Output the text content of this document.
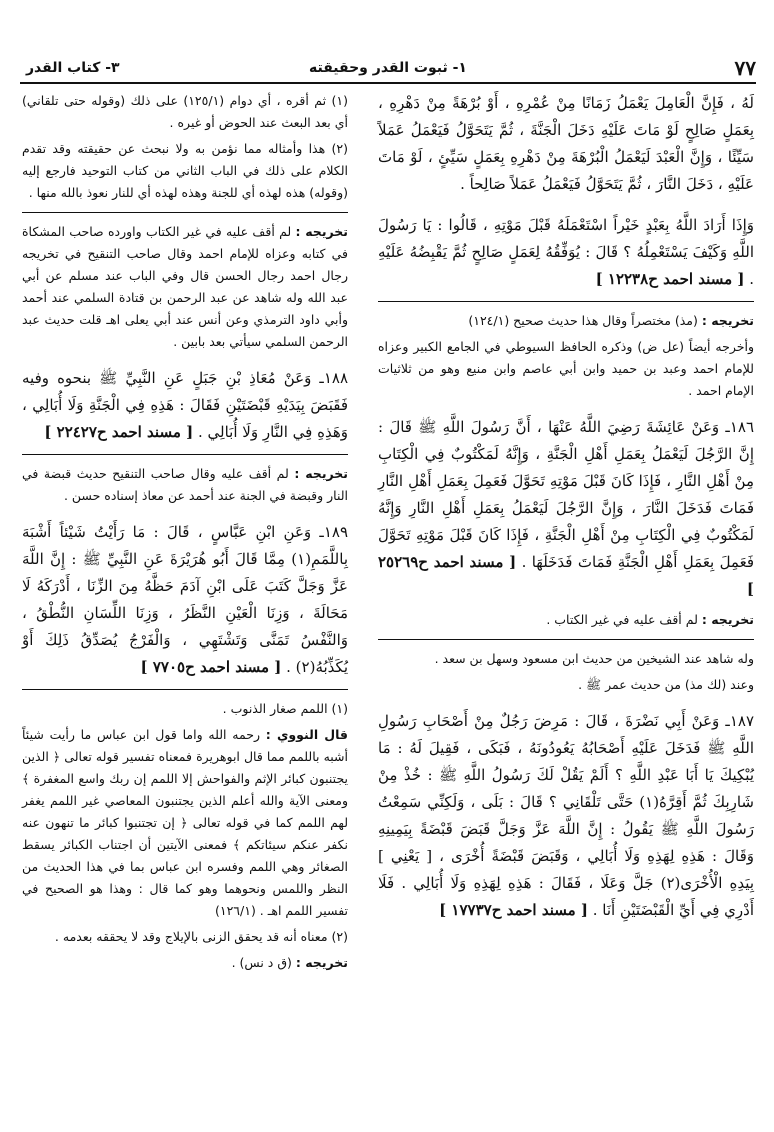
٧٧
١- ثبوت القدر وحقيقته
٣- كتاب القدر

لَهُ ، فَإِنَّ الْعَامِلَ يَعْمَلُ زَمَانًا مِنْ عُمْرِهِ ، أَوْ بُرْهَةً مِنْ دَهْرِهِ ، بِعَمَلٍ صَالِحٍ لَوْ مَاتَ عَلَيْهِ دَخَلَ الْجَنَّةَ ، ثُمَّ يَتَحَوَّلُ فَيَعْمَلُ عَمَلاً سَيِّئًا ، وَإِنَّ الْعَبْدَ لَيَعْمَلُ الْبُرْهَةَ مِنْ دَهْرِهِ بِعَمَلٍ سَيِّئٍ ، لَوْ مَاتَ عَلَيْهِ ، دَخَلَ النَّارَ ، ثُمَّ يَتَحَوَّلُ فَيَعْمَلُ عَمَلاً صَالِحاً .

وَإِذَا أَرَادَ اللَّهُ بِعَبْدٍ خَيْراً اسْتَعْمَلَهُ قَبْلَ مَوْتِهِ ، قَالُوا : يَا رَسُولَ اللَّهِ وَكَيْفَ يَسْتَعْمِلُهُ ؟ قَالَ : يُوَفِّقُهُ لِعَمَلٍ صَالِحٍ ثُمَّ يَقْبِضُهُ عَلَيْهِ . [ مسند احمد ح١٢٢٣٨ ]

تخريجه : (مذ) مختصراً وقال هذا حديث صحيح (١٢٤/١)

وأخرجه أيضاً (عل ض) وذكره الحافظ السيوطي في الجامع الكبير وعزاه للإمام احمد وعبد بن حميد وابن أبي عاصم وابن منيع وهو من ثلاثيات الإمام احمد .

١٨٦ـ وَعَنْ عَائِشَةَ رَضِيَ اللَّهُ عَنْهَا ، أَنَّ رَسُولَ اللَّهِ ﷺ قَالَ : إِنَّ الرَّجُلَ لَيَعْمَلُ بِعَمَلِ أَهْلِ الْجَنَّةِ ، وَإِنَّهُ لَمَكْتُوبٌ فِي الْكِتَابِ مِنْ أَهْلِ النَّارِ ، فَإِذَا كَانَ قَبْلَ مَوْتِهِ تَحَوَّلَ فَعَمِلَ بِعَمَلِ أَهْلِ النَّارِ فَمَاتَ فَدَخَلَ النَّارَ ، وَإِنَّ الرَّجُلَ لَيَعْمَلُ بِعَمَلِ أَهْلِ النَّارِ وَإِنَّهُ لَمَكْتُوبٌ فِي الْكِتَابِ مِنْ أَهْلِ الْجَنَّةِ ، فَإِذَا كَانَ قَبْلَ مَوْتِهِ تَحَوَّلَ فَعَمِلَ بِعَمَلِ أَهْلِ الْجَنَّةِ فَمَاتَ فَدَخَلَهَا . [ مسند احمد ح٢٥٢٦٩ ]

تخريجه : لم أقف عليه في غير الكتاب .

وله شاهد عند الشيخين من حديث ابن مسعود وسهل بن سعد .

وعند (لك مذ) من حديث عمر ﷺ .

١٨٧ـ وَعَنْ أَبِي نَضْرَةَ ، قَالَ : مَرِضَ رَجُلٌ مِنْ أَصْحَابِ رَسُولِ اللَّهِ ﷺ فَدَخَلَ عَلَيْهِ أَصْحَابُهُ يَعُودُونَهُ ، فَبَكَى ، فَقِيلَ لَهُ : مَا يُبْكِيكَ يَا أَبَا عَبْدِ اللَّهِ ؟ أَلَمْ يَقُلْ لَكَ رَسُولُ اللَّهِ ﷺ : خُذْ مِنْ شَارِبِكَ ثُمَّ أَقِرَّهُ(١) حَتَّى تَلْقَانِي ؟ قَالَ : بَلَى ، وَلَكِنِّي سَمِعْتُ رَسُولَ اللَّهِ ﷺ يَقُولُ : إِنَّ اللَّهَ عَزَّ وَجَلَّ قَبَضَ قَبْضَةً بِيَمِينِهِ وَقَالَ : هَذِهِ لِهَذِهِ وَلَا أُبَالِي ، وَقَبَضَ قَبْضَةً أُخْرَى ، [ يَعْنِي ] بِيَدِهِ الْأُخْرَى(٢) جَلَّ وَعَلَا ، فَقَالَ : هَذِهِ لِهَذِهِ وَلَا أُبَالِي . فَلَا أَدْرِي فِي أَيِّ الْقَبْضَتَيْنِ أَنَا . [ مسند احمد ح١٧٧٣٧ ]

(١) ثم أقره ، أي دوام (١٢٥/١) على ذلك (وقوله حتى تلقاني) أي بعد البعث عند الحوض أو غيره .

(٢) هذا وأمثاله مما نؤمن به ولا نبحث عن حقيقته وقد تقدم الكلام على ذلك في الباب الثاني من كتاب التوحيد فارجع إليه (وقوله) هذه لهذه أي للجنة وهذه لهذه أي للنار نعوذ بالله منها .

تخريجه : لم أقف عليه في غير الكتاب واورده صاحب المشكاة في كتابه وعزاه للإمام احمد وقال صاحب التنقيح في تخريجه رجال احمد رجال الحسن قال وفي الباب عند مسلم عن أبي عبد الله وله شاهد عن عبد الرحمن بن قتادة السلمي عند أحمد وأبي داود الترمذي وعن أنس عند أبي يعلى اهـ قلت حديث عبد الرحمن السلمي سيأتي بعد بابين .

١٨٨ـ وَعَنْ مُعَاذِ بْنِ جَبَلٍ عَنِ النَّبِيِّ ﷺ بنحوه وفيه فَقَبَضَ بِيَدَيْهِ قَبْضَتَيْنِ فَقَالَ : هَذِهِ فِي الْجَنَّةِ وَلَا أُبَالِي ، وَهَذِهِ فِي النَّارِ وَلَا أُبَالِي . [ مسند احمد ح٢٢٤٢٧ ]

تخريجه : لم أقف عليه وقال صاحب التنقيح حديث قبضة في النار وقبضة في الجنة عند أحمد عن معاذ إسناده حسن .

١٨٩ـ وَعَنِ ابْنِ عَبَّاسٍ ، قَالَ : مَا رَأَيْتُ شَيْئاً أَشْبَهَ بِاللَّمَمِ(١) مِمَّا قَالَ أَبُو هُرَيْرَةَ عَنِ النَّبِيِّ ﷺ : إِنَّ اللَّهَ عَزَّ وَجَلَّ كَتَبَ عَلَى ابْنِ آدَمَ حَظَّهُ مِنَ الزِّنَا ، أَدْرَكَهُ لَا مَحَالَةَ ، وَزِنَا الْعَيْنِ النَّظَرُ ، وَزِنَا اللِّسَانِ النُّطْقُ ، وَالنَّفْسُ تَمَنَّى وَتَشْتَهِي ، وَالْفَرْجُ يُصَدِّقُ ذَلِكَ أَوْ يُكَذِّبُهُ(٢) . [ مسند احمد ح٧٧٠٥ ]

(١) اللمم صغار الذنوب .

قال النووي : رحمه الله واما قول ابن عباس ما رأيت شيئاً أشبه باللمم مما قال ابوهريرة فمعناه تفسير قوله تعالى ﴿ الذين يجتنبون كبائر الإثم والفواحش إلا اللمم إن ربك واسع المغفرة ﴾ ومعنى الآية والله أعلم الذين يجتنبون المعاصي غير اللمم يغفر لهم اللمم كما في قوله تعالى ﴿ إن تجتنبوا كبائر ما تنهون عنه نكفر عنكم سيئاتكم ﴾ فمعنى الآيتين أن اجتناب الكبائر يسقط الصغائر وهي اللمم وفسره ابن عباس بما في هذا الحديث من النظر واللمس ونحوهما وهو كما قال : وهذا هو الصحيح في تفسير اللمم اهـ . (١٢٦/١)

(٢) معناه أنه قد يحقق الزنى بالإيلاج وقد لا يحققه بعدمه .

تخريجه : (ق د نس) .
